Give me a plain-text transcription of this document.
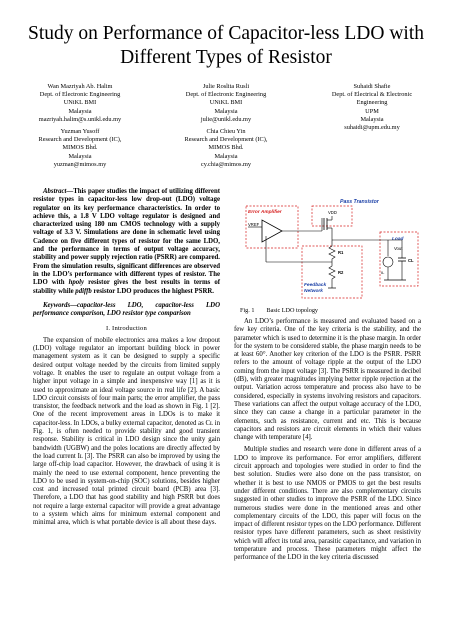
Study on Performance of Capacitor-less LDO with
Different Types of Resistor
Wan Mazriyah Ab. Halim
Dept. of Electronic Engineering
UNiKL BMI
Malaysia
mazriyah.halim@s.unikl.edu.my
Julie Roslita Rusli
Dept. of Electronic Engineering
UNiKL BMI
Malaysia
julie@unikl.edu.my
Suhaidi Shafie
Dept. of Electrical & Electronic
Engineering
UPM
Malaysia
suhaidi@upm.edu.my
Yuzman Yusoff
Research and Development (IC),
MIMOS Bhd.
Malaysia
yuzman@mimos.my
Chia Chieu Yin
Research and Development (IC),
MIMOS Bhd.
Malaysia
cy.chia@mimos.my

Abstract—This paper studies the impact of utilizing different resistor types in capacitor-less low drop-out (LDO) voltage regulator on its key performance characteristics. In order to achieve this, a 1.8 V LDO voltage regulator is designed and characterized using 180 nm CMOS technology with a supply voltage of 3.3 V. Simulations are done in schematic level using Cadence on five different types of resistor for the same LDO, and the performance in terms of output voltage accuracy, stability and power supply rejection ratio (PSRR) are compared. From the simulation results, significant differences are observed in the LDO’s performance with different types of resistor. The LDO with hpoly resistor gives the best results in terms of stability while pdiffb resistor LDO produces the highest PSRR.

Keywords—capacitor-less LDO, capacitor-less LDO performance comparison, LDO resistor type comparison

I. Introduction

The expansion of mobile electronics area makes a low dropout (LDO) voltage regulator an important building block in power management system as it can be designed to supply a specific desired output voltage needed by the circuits from limited supply voltage. It enables the user to regulate an output voltage from a higher input voltage in a simple and inexpensive way [1] as it is used to approximate an ideal voltage source in real life [2]. A basic LDO circuit consists of four main parts; the error amplifier, the pass transistor, the feedback network and the load as shown in Fig. 1 [2]. One of the recent improvement areas in LDOs is to make it capacitor-less. In LDOs, a bulky external capacitor, denoted as Cʟ in Fig. 1, is often needed to provide stability and good transient response. Stability is critical in LDO design since the unity gain bandwidth (UGBW) and the poles locations are directly affected by the load current Iʟ [3]. The PSRR can also be improved by using the large off-chip load capacitor. However, the drawback of using it is mainly the need to use external component, hence preventing the LDO to be used in system-on-chip (SOC) solutions, besides higher cost and increased total printed circuit board (PCB) area [3]. Therefore, a LDO that has good stability and high PSRR but does not require a large external capacitor will provide a great advantage to a system which aims for minimum external component and minimal area, which is what portable device is all about these days.

Pass Transistor
Error Amplifier
Feedback
Network
Load
VREF
VDD
Vout
R1
R2	IL
CL
Fig. 1 Basic LDO topology

An LDO’s performance is measured and evaluated based on a few key criteria. One of the key criteria is the stability, and the parameter which is used to determine it is the phase margin. In order for the system to be considered stable, the phase margin needs to be at least 60°. Another key criterion of the LDO is the PSRR. PSRR refers to the amount of voltage ripple at the output of the LDO coming from the input voltage [3]. The PSRR is measured in decibel (dB), with greater magnitudes implying better ripple rejection at the output. Variation across temperature and process also have to be considered, especially in systems involving resistors and capacitors. These variations can affect the output voltage accuracy of the LDO, since they can cause a change in a particular parameter in the elements, such as resistance, current and etc. This is because capacitors and resistors are circuit elements in which their values change with temperature [4].

Multiple studies and research were done in different areas of a LDO to improve its performance. For error amplifiers, different circuit approach and topologies were studied in order to find the best solution. Studies were also done on the pass transistor, on whether it is best to use NMOS or PMOS to get the best results under different conditions. There are also complementary circuits suggested in other studies to improve the PSRR of the LDO. Since numerous studies were done in the mentioned areas and other complementary circuits of the LDO, this paper will focus on the impact of different resistor types on the LDO performance. Different resistor types have different parameters, such as sheet resistivity which will affect its total area, parasitic capacitance, and variation in temperature and process. These parameters might affect the performance of the LDO in the key criteria discussed
